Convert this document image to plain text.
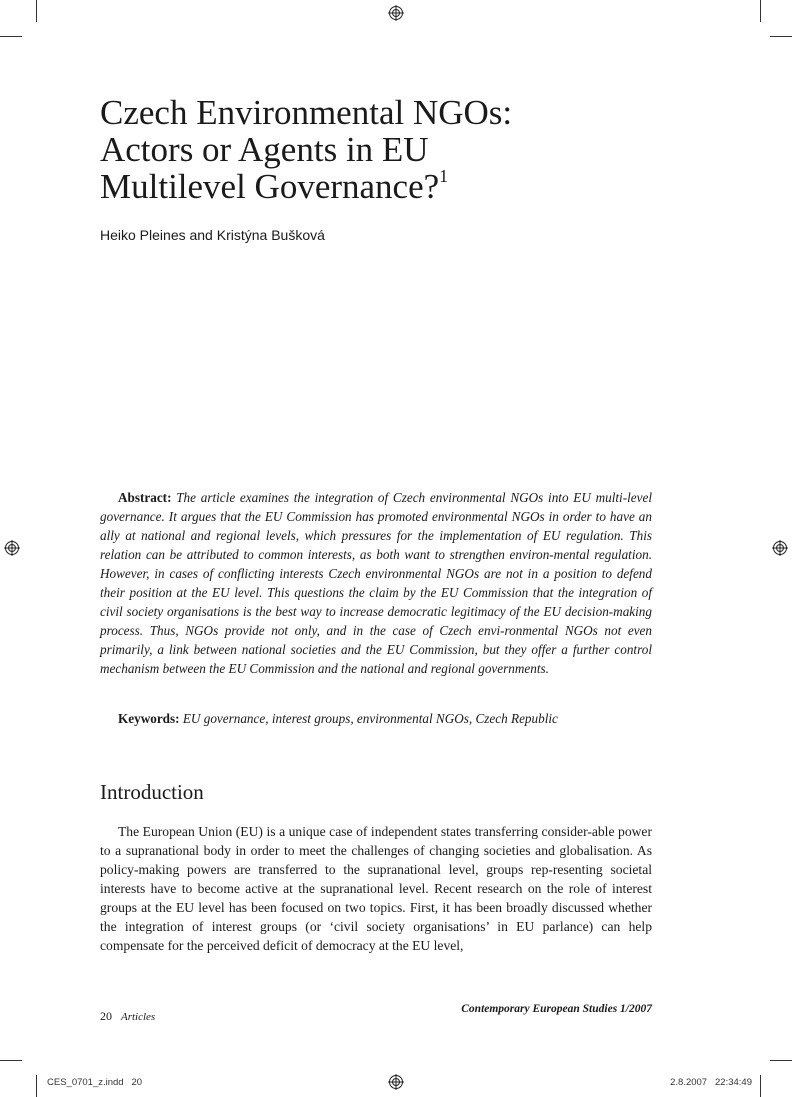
Czech Environmental NGOs:
Actors or Agents in EU
Multilevel Governance?$^1$
Heiko Pleines and Kristýna Bušková

Abstract: The article examines the integration of Czech environmental NGOs into EU multi-level governance. It argues that the EU Commission has promoted environmental NGOs in order to have an ally at national and regional levels, which pressures for the implementation of EU regulation. This relation can be attributed to common interests, as both want to strengthen environ-mental regulation. However, in cases of conflicting interests Czech environmental NGOs are not in a position to defend their position at the EU level. This questions the claim by the EU Commission that the integration of civil society organisations is the best way to increase democratic legitimacy of the EU decision-making process. Thus, NGOs provide not only, and in the case of Czech envi-ronmental NGOs not even primarily, a link between national societies and the EU Commission, but they offer a further control mechanism between the EU Commission and the national and regional governments.

Keywords: EU governance, interest groups, environmental NGOs, Czech Republic

Introduction

The European Union (EU) is a unique case of independent states transferring consider-able power to a supranational body in order to meet the challenges of changing societies and globalisation. As policy-making powers are transferred to the supranational level, groups rep-resenting societal interests have to become active at the supranational level. Recent research on the role of interest groups at the EU level has been focused on two topics. First, it has been broadly discussed whether the integration of interest groups (or ‘civil society organisations’ in EU parlance) can help compensate for the perceived deficit of democracy at the EU level,

20 Articles
Contemporary European Studies 1/2007
CES_0701_z.indd   20	2.8.2007   22:34:49
